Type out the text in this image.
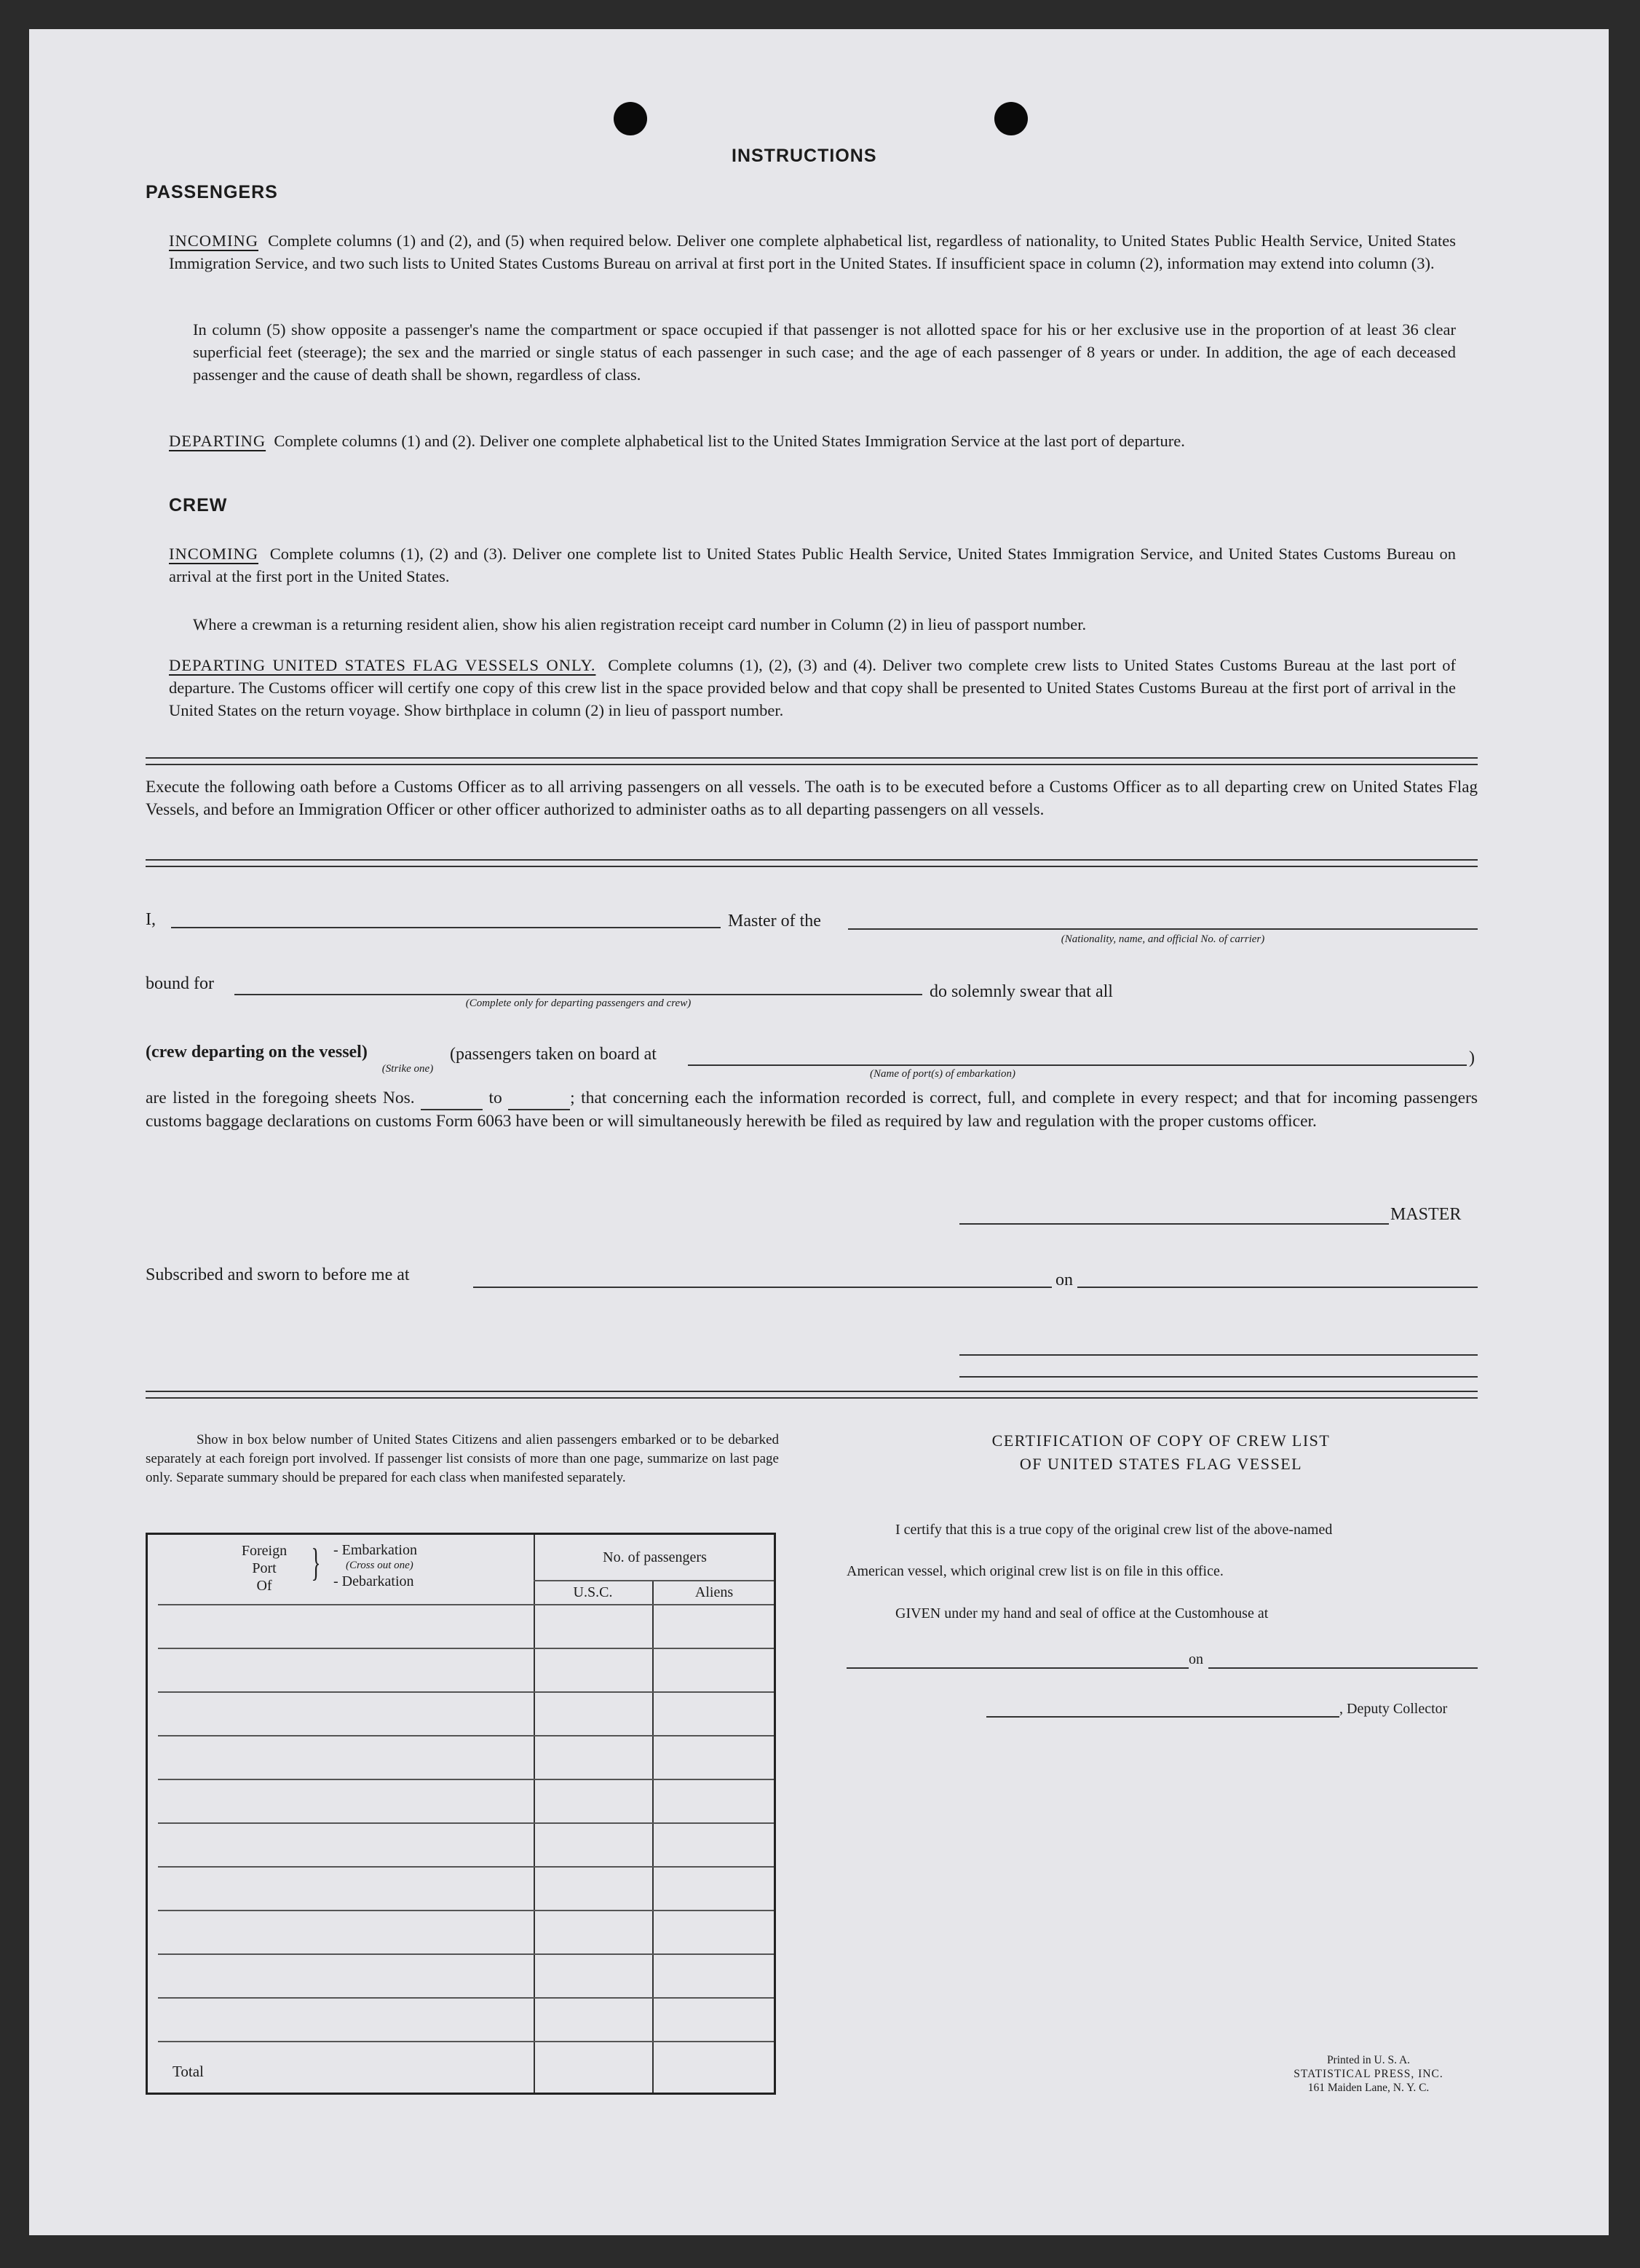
INSTRUCTIONS
PASSENGERS
INCOMING Complete columns (1) and (2), and (5) when required below. Deliver one complete alphabetical list, regardless of nationality, to United States Public Health Service, United States Immigration Service, and two such lists to United States Customs Bureau on arrival at first port in the United States. If insufficient space in column (2), information may extend into column (3).
In column (5) show opposite a passenger's name the compartment or space occupied if that passenger is not allotted space for his or her exclusive use in the proportion of at least 36 clear superficial feet (steerage); the sex and the married or single status of each passenger in such case; and the age of each passenger of 8 years or under. In addition, the age of each deceased passenger and the cause of death shall be shown, regardless of class.
DEPARTING Complete columns (1) and (2). Deliver one complete alphabetical list to the United States Immigration Service at the last port of departure.
CREW
INCOMING Complete columns (1), (2) and (3). Deliver one complete list to United States Public Health Service, United States Immigration Service, and United States Customs Bureau on arrival at the first port in the United States.
Where a crewman is a returning resident alien, show his alien registration receipt card number in Column (2) in lieu of passport number.
DEPARTING UNITED STATES FLAG VESSELS ONLY. Complete columns (1), (2), (3) and (4). Deliver two complete crew lists to United States Customs Bureau at the last port of departure. The Customs officer will certify one copy of this crew list in the space provided below and that copy shall be presented to United States Customs Bureau at the first port of arrival in the United States on the return voyage. Show birthplace in column (2) in lieu of passport number.
Execute the following oath before a Customs Officer as to all arriving passengers on all vessels. The oath is to be executed before a Customs Officer as to all departing crew on United States Flag Vessels, and before an Immigration Officer or other officer authorized to administer oaths as to all departing passengers on all vessels.
I,	Master of the
(Nationality, name, and official No. of carrier)
bound for
(Complete only for departing passengers and crew)
do solemnly swear that all
(crew departing on the vessel)
(Strike one)
(passengers taken on board at	)
(Name of port(s) of embarkation)
are listed in the foregoing sheets Nos.	to	; that concerning each the information recorded is correct, full, and complete in every respect; and that for incoming passengers customs baggage declarations on customs Form 6063 have been or will simultaneously herewith be filed as required by law and regulation with the proper customs officer.
MASTER
Subscribed and sworn to before me at	on
Show in box below number of United States Citizens and alien passengers embarked or to be debarked separately at each foreign port involved. If passenger list consists of more than one page, summarize on last page only. Separate summary should be prepared for each class when manifested separately.
Foreign
Port
Of
} - Embarkation
(Cross out one)
- Debarkation
No. of passengers
U.S.C.	Aliens
Total
CERTIFICATION OF COPY OF CREW LIST
OF UNITED STATES FLAG VESSEL
I certify that this is a true copy of the original crew list of the above-named
American vessel, which original crew list is on file in this office.
GIVEN under my hand and seal of office at the Customhouse at
on
, Deputy Collector
Printed in U. S. A.
STATISTICAL PRESS, INC.
161 Maiden Lane, N. Y. C.
